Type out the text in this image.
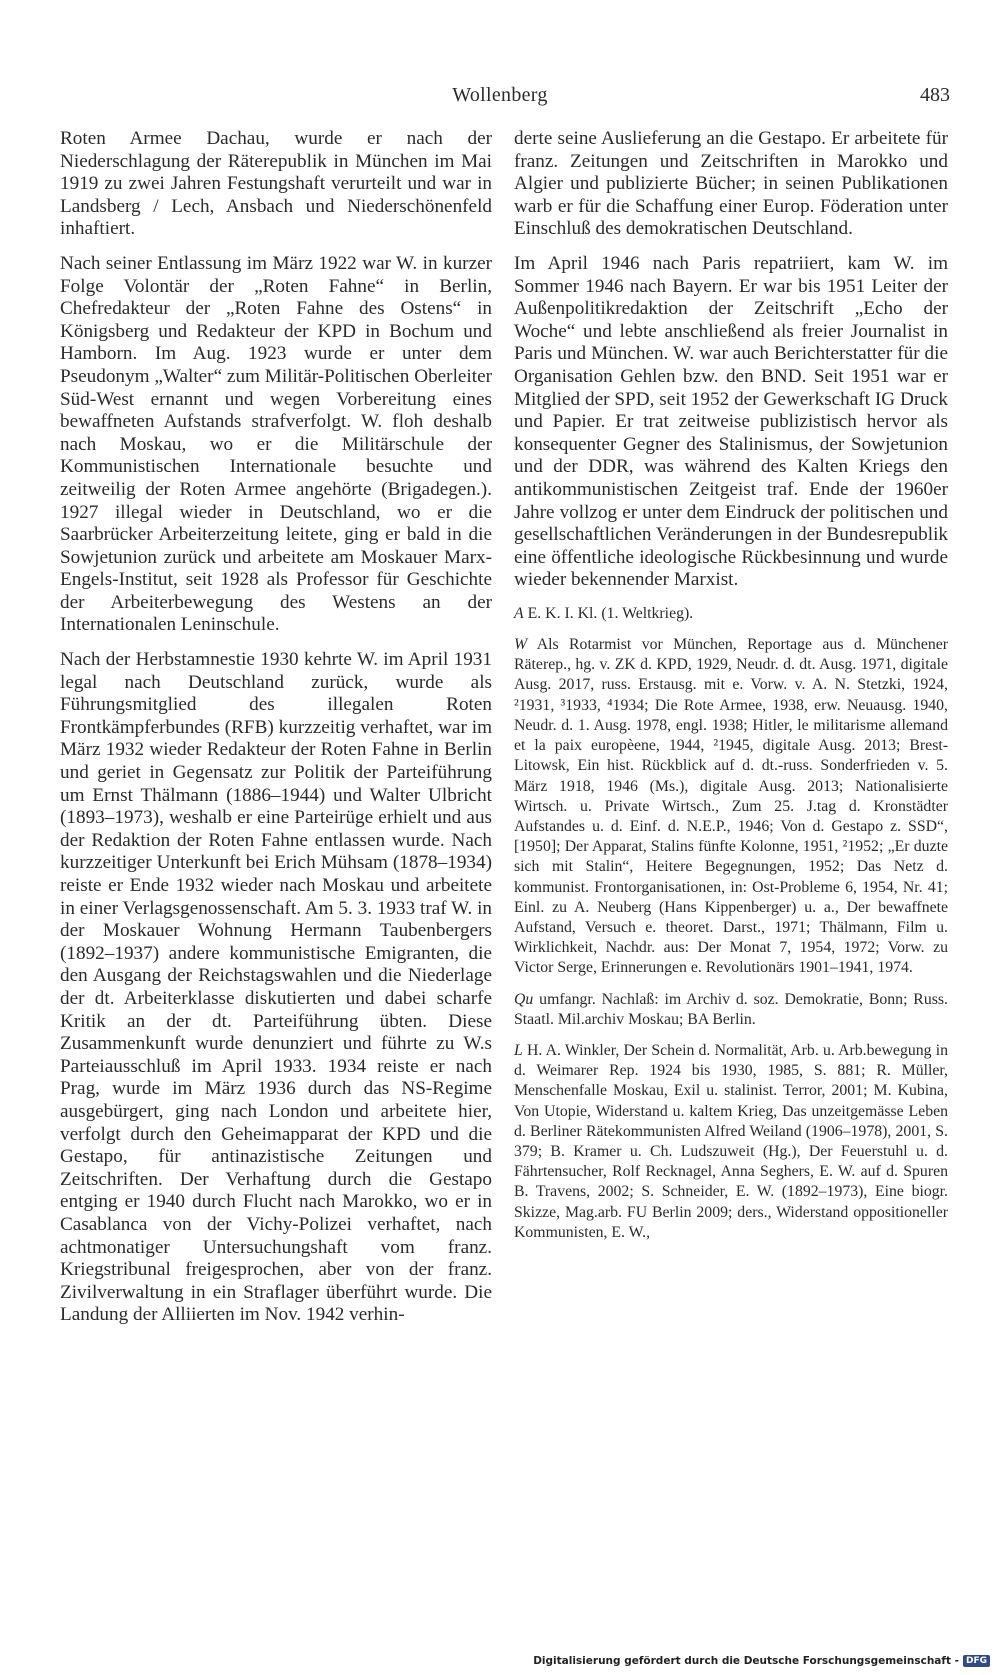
Wollenberg	483

Roten Armee Dachau, wurde er nach der Niederschlagung der Räterepublik in München im Mai 1919 zu zwei Jahren Festungshaft verurteilt und war in Landsberg / Lech, Ansbach und Niederschönenfeld inhaftiert.

Nach seiner Entlassung im März 1922 war W. in kurzer Folge Volontär der „Roten Fahne“ in Berlin, Chefredakteur der „Roten Fahne des Ostens“ in Königsberg und Redakteur der KPD in Bochum und Hamborn. Im Aug. 1923 wurde er unter dem Pseudonym „Walter“ zum Militär-Politischen Oberleiter Süd-West ernannt und wegen Vorbereitung eines bewaffneten Aufstands strafverfolgt. W. floh deshalb nach Moskau, wo er die Militärschule der Kommunistischen Internationale besuchte und zeitweilig der Roten Armee angehörte (Brigadegen.). 1927 illegal wieder in Deutschland, wo er die Saarbrücker Arbeiterzeitung leitete, ging er bald in die Sowjetunion zurück und arbeitete am Moskauer Marx-Engels-Institut, seit 1928 als Professor für Geschichte der Arbeiterbewegung des Westens an der Internationalen Leninschule.

Nach der Herbstamnestie 1930 kehrte W. im April 1931 legal nach Deutschland zurück, wurde als Führungsmitglied des illegalen Roten Frontkämpferbundes (RFB) kurzzeitig verhaftet, war im März 1932 wieder Redakteur der Roten Fahne in Berlin und geriet in Gegensatz zur Politik der Parteiführung um Ernst Thälmann (1886–1944) und Walter Ulbricht (1893–1973), weshalb er eine Parteirüge erhielt und aus der Redaktion der Roten Fahne entlassen wurde. Nach kurzzeitiger Unterkunft bei Erich Mühsam (1878–1934) reiste er Ende 1932 wieder nach Moskau und arbeitete in einer Verlagsgenossenschaft. Am 5. 3. 1933 traf W. in der Moskauer Wohnung Hermann Taubenbergers (1892–1937) andere kommunistische Emigranten, die den Ausgang der Reichstagswahlen und die Niederlage der dt. Arbeiterklasse diskutierten und dabei scharfe Kritik an der dt. Parteiführung übten. Diese Zusammenkunft wurde denunziert und führte zu W.s Parteiausschluß im April 1933. 1934 reiste er nach Prag, wurde im März 1936 durch das NS-Regime ausgebürgert, ging nach London und arbeitete hier, verfolgt durch den Geheimapparat der KPD und die Gestapo, für antinazistische Zeitungen und Zeitschriften. Der Verhaftung durch die Gestapo entging er 1940 durch Flucht nach Marokko, wo er in Casablanca von der Vichy-Polizei verhaftet, nach achtmonatiger Untersuchungshaft vom franz. Kriegstribunal freigesprochen, aber von der franz. Zivilverwaltung in ein Straflager überführt wurde. Die Landung der Alliierten im Nov. 1942 verhin-

derte seine Auslieferung an die Gestapo. Er arbeitete für franz. Zeitungen und Zeitschriften in Marokko und Algier und publizierte Bücher; in seinen Publikationen warb er für die Schaffung einer Europ. Föderation unter Einschluß des demokratischen Deutschland.

Im April 1946 nach Paris repatriiert, kam W. im Sommer 1946 nach Bayern. Er war bis 1951 Leiter der Außenpolitikredaktion der Zeitschrift „Echo der Woche“ und lebte anschließend als freier Journalist in Paris und München. W. war auch Berichterstatter für die Organisation Gehlen bzw. den BND. Seit 1951 war er Mitglied der SPD, seit 1952 der Gewerkschaft IG Druck und Papier. Er trat zeitweise publizistisch hervor als konsequenter Gegner des Stalinismus, der Sowjetunion und der DDR, was während des Kalten Kriegs den antikommunistischen Zeitgeist traf. Ende der 1960er Jahre vollzog er unter dem Eindruck der politischen und gesellschaftlichen Veränderungen in der Bundesrepublik eine öffentliche ideologische Rückbesinnung und wurde wieder bekennender Marxist.

A E. K. I. Kl. (1. Weltkrieg).

W Als Rotarmist vor München, Reportage aus d. Münchener Räterep., hg. v. ZK d. KPD, 1929, Neudr. d. dt. Ausg. 1971, digitale Ausg. 2017, russ. Erstausg. mit e. Vorw. v. A. N. Stetzki, 1924, ²1931, ³1933, ⁴1934; Die Rote Armee, 1938, erw. Neuausg. 1940, Neudr. d. 1. Ausg. 1978, engl. 1938; Hitler, le militarisme allemand et la paix europèene, 1944, ²1945, digitale Ausg. 2013; Brest-Litowsk, Ein hist. Rückblick auf d. dt.-russ. Sonderfrieden v. 5. März 1918, 1946 (Ms.), digitale Ausg. 2013; Nationalisierte Wirtsch. u. Private Wirtsch., Zum 25. J.tag d. Kronstädter Aufstandes u. d. Einf. d. N.E.P., 1946; Von d. Gestapo z. SSD“, [1950]; Der Apparat, Stalins fünfte Kolonne, 1951, ²1952; „Er duzte sich mit Stalin“, Heitere Begegnungen, 1952; Das Netz d. kommunist. Frontorganisationen, in: Ost-Probleme 6, 1954, Nr. 41; Einl. zu A. Neuberg (Hans Kippenberger) u. a., Der bewaffnete Aufstand, Versuch e. theoret. Darst., 1971; Thälmann, Film u. Wirklichkeit, Nachdr. aus: Der Monat 7, 1954, 1972; Vorw. zu Victor Serge, Erinnerungen e. Revolutionärs 1901–1941, 1974.

Qu umfangr. Nachlaß: im Archiv d. soz. Demokratie, Bonn; Russ. Staatl. Mil.archiv Moskau; BA Berlin.

L H. A. Winkler, Der Schein d. Normalität, Arb. u. Arb.bewegung in d. Weimarer Rep. 1924 bis 1930, 1985, S. 881; R. Müller, Menschenfalle Moskau, Exil u. stalinist. Terror, 2001; M. Kubina, Von Utopie, Widerstand u. kaltem Krieg, Das unzeitgemässe Leben d. Berliner Rätekommunisten Alfred Weiland (1906–1978), 2001, S. 379; B. Kramer u. Ch. Ludszuweit (Hg.), Der Feuerstuhl u. d. Fährtensucher, Rolf Recknagel, Anna Seghers, E. W. auf d. Spuren B. Travens, 2002; S. Schneider, E. W. (1892–1973), Eine biogr. Skizze, Mag.arb. FU Berlin 2009; ders., Widerstand oppositioneller Kommunisten, E. W.,

Digitalisierung gefördert durch die Deutsche Forschungsgemeinschaft - DFG
